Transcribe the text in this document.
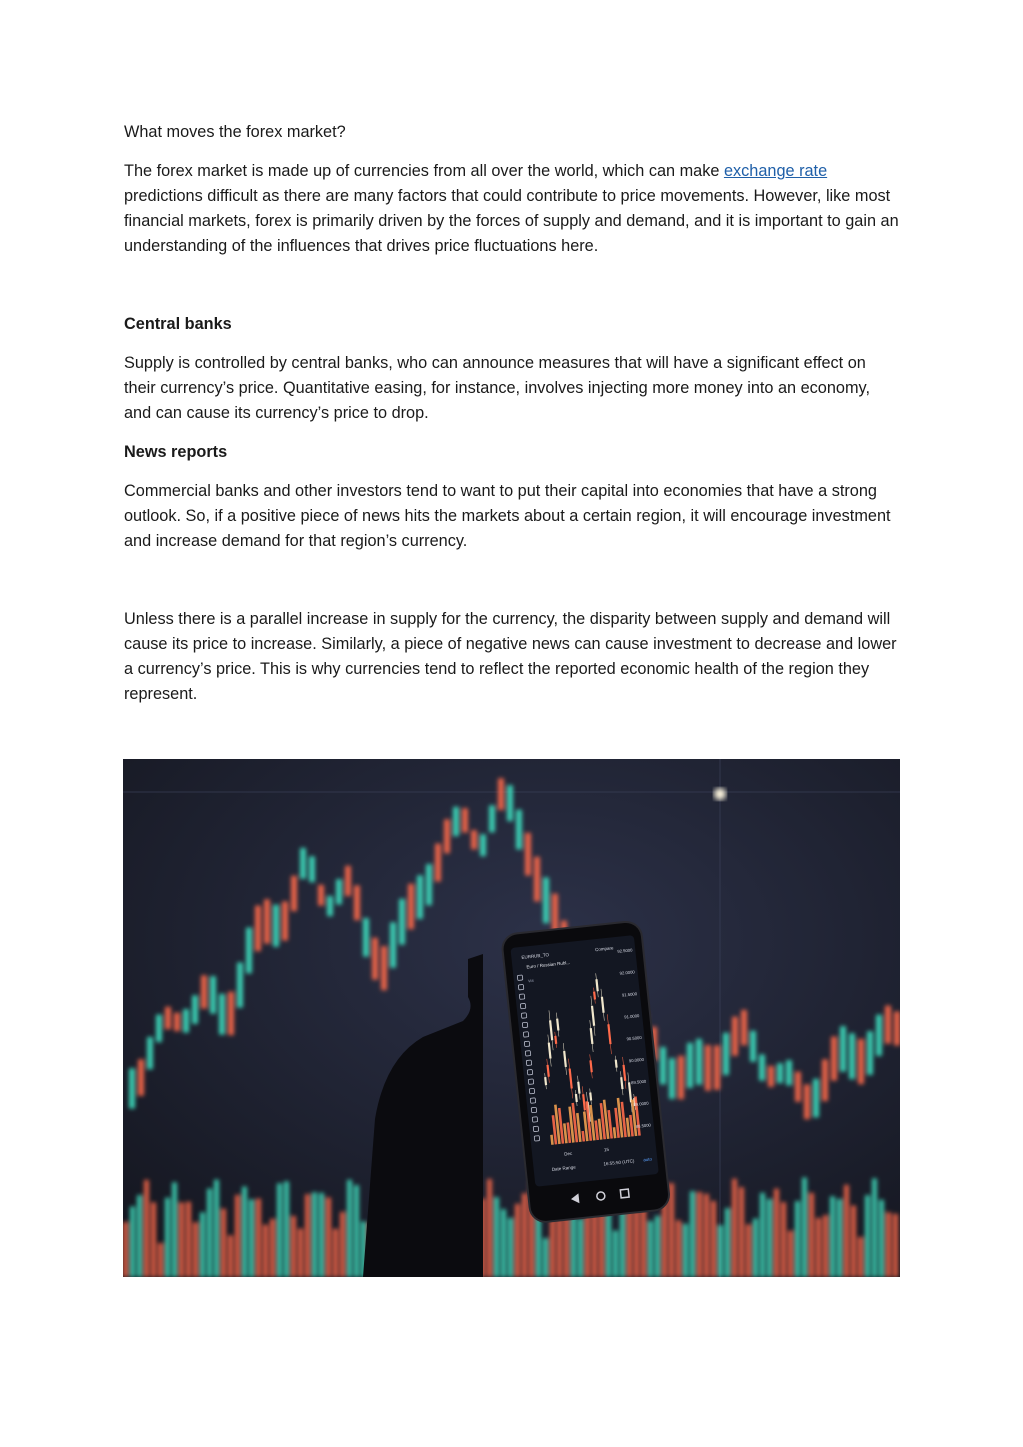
What moves the forex market?

The forex market is made up of currencies from all over the world, which can make exchange rate predictions difficult as there are many factors that could contribute to price movements. However, like most financial markets, forex is primarily driven by the forces of supply and demand, and it is important to gain an understanding of the influences that drives price fluctuations here.

Central banks

Supply is controlled by central banks, who can announce measures that will have a significant effect on their currency’s price. Quantitative easing, for instance, involves injecting more money into an economy, and can cause its currency’s price to drop.

News reports

Commercial banks and other investors tend to want to put their capital into economies that have a strong outlook. So, if a positive piece of news hits the markets about a certain region, it will encourage investment and increase demand for that region’s currency.

Unless there is a parallel increase in supply for the currency, the disparity between supply and demand will cause its price to increase. Similarly, a piece of negative news can cause investment to decrease and lower a currency’s price. This is why currencies tend to reflect the reported economic health of the region they represent.

EURRUB_TO
Euro / Russian Rubl...
Compare
Vol
92.5000
92.0000
91.5000
91.0000
90.5000
90.0000
89.5000
89.0000
88.5000
Dec
15
Date Range
16:55:50 (UTC) auto
